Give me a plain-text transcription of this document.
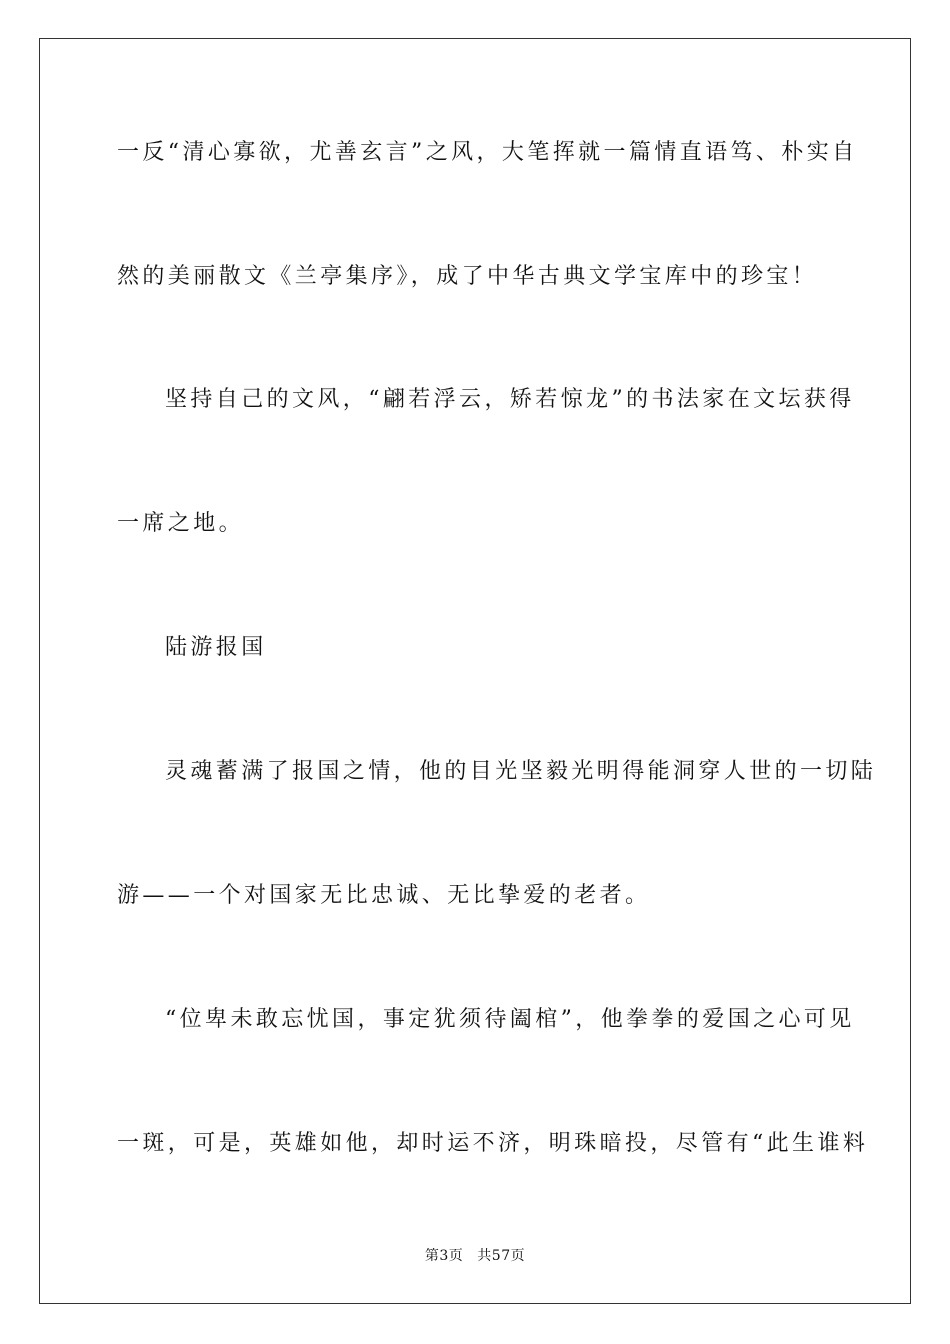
一反“清心寡欲，尤善玄言”之风，大笔挥就一篇情直语笃、朴实自
然的美丽散文《兰亭集序》，成了中华古典文学宝库中的珍宝！
坚持自己的文风，“翩若浮云，矫若惊龙”的书法家在文坛获得
一席之地。
陆游报国
灵魂蓄满了报国之情，他的目光坚毅光明得能洞穿人世的一切陆
游——一个对国家无比忠诚、无比挚爱的老者。
“位卑未敢忘忧国，事定犹须待阖棺”，他拳拳的爱国之心可见
一斑，可是，英雄如他，却时运不济，明珠暗投，尽管有“此生谁料
第3页 共57页
